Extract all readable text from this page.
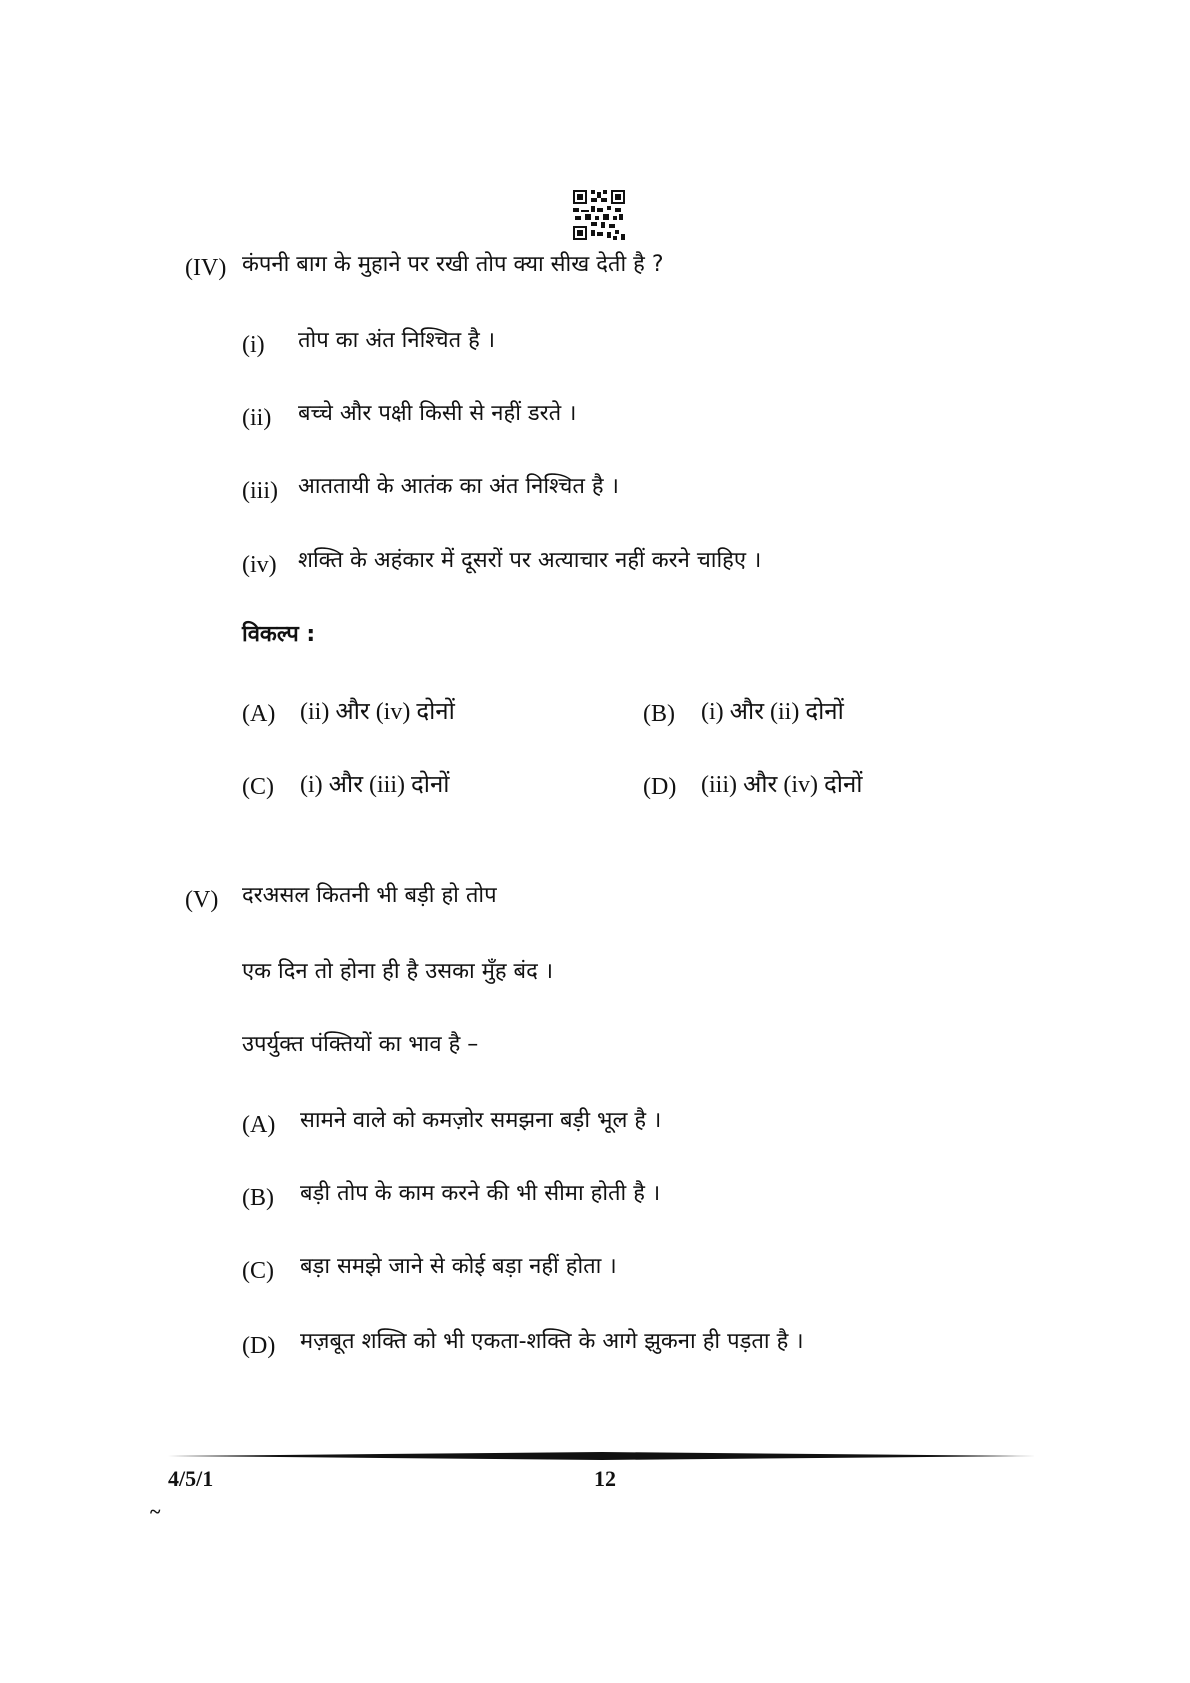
(IV) कंपनी बाग के मुहाने पर रखी तोप क्या सीख देती है ?
(i) तोप का अंत निश्चित है ।
(ii) बच्चे और पक्षी किसी से नहीं डरते ।
(iii) आततायी के आतंक का अंत निश्चित है ।
(iv) शक्ति के अहंकार में दूसरों पर अत्याचार नहीं करने चाहिए ।
विकल्प :
(A) (ii) और (iv) दोनों	(B) (i) और (ii) दोनों
(C) (i) और (iii) दोनों	(D) (iii) और (iv) दोनों
(V) दरअसल कितनी भी बड़ी हो तोप
एक दिन तो होना ही है उसका मुँह बंद ।
उपर्युक्त पंक्तियों का भाव है –
(A) सामने वाले को कमज़ोर समझना बड़ी भूल है ।
(B) बड़ी तोप के काम करने की भी सीमा होती है ।
(C) बड़ा समझे जाने से कोई बड़ा नहीं होता ।
(D) मज़बूत शक्ति को भी एकता-शक्ति के आगे झुकना ही पड़ता है ।
4/5/1	12
~
